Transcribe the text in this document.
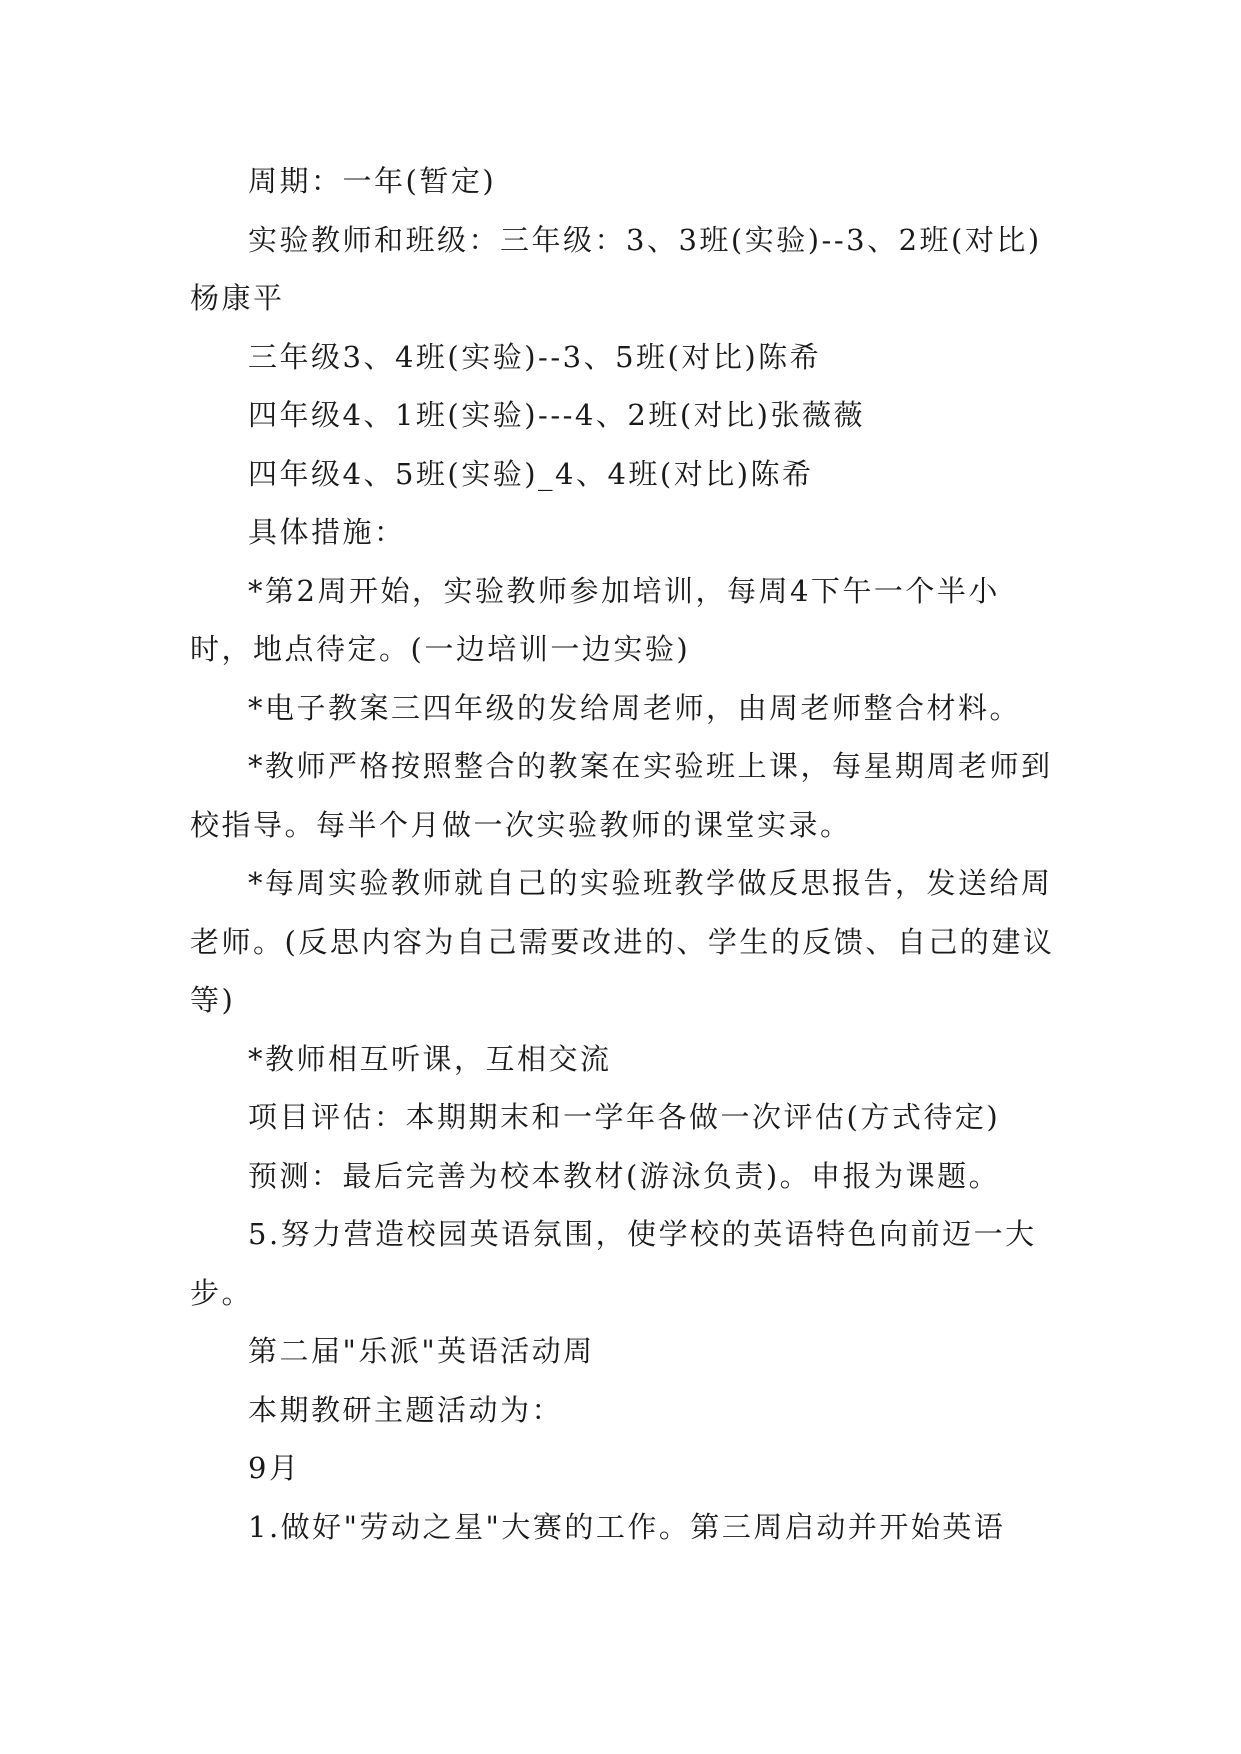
周期：一年(暂定)

实验教师和班级：三年级：3、3班(实验)--3、2班(对比)杨康平

三年级3、4班(实验)--3、5班(对比)陈希

四年级4、1班(实验)---4、2班(对比)张薇薇

四年级4、5班(实验)_4、4班(对比)陈希

具体措施：

*第2周开始，实验教师参加培训，每周4下午一个半小时，地点待定。(一边培训一边实验)

*电子教案三四年级的发给周老师，由周老师整合材料。

*教师严格按照整合的教案在实验班上课，每星期周老师到校指导。每半个月做一次实验教师的课堂实录。

*每周实验教师就自己的实验班教学做反思报告，发送给周老师。(反思内容为自己需要改进的、学生的反馈、自己的建议等)

*教师相互听课，互相交流

项目评估：本期期末和一学年各做一次评估(方式待定)

预测：最后完善为校本教材(游泳负责)。申报为课题。

5.努力营造校园英语氛围，使学校的英语特色向前迈一大步。

第二届"乐派"英语活动周

本期教研主题活动为：

9月

1.做好"劳动之星"大赛的工作。第三周启动并开始英语
